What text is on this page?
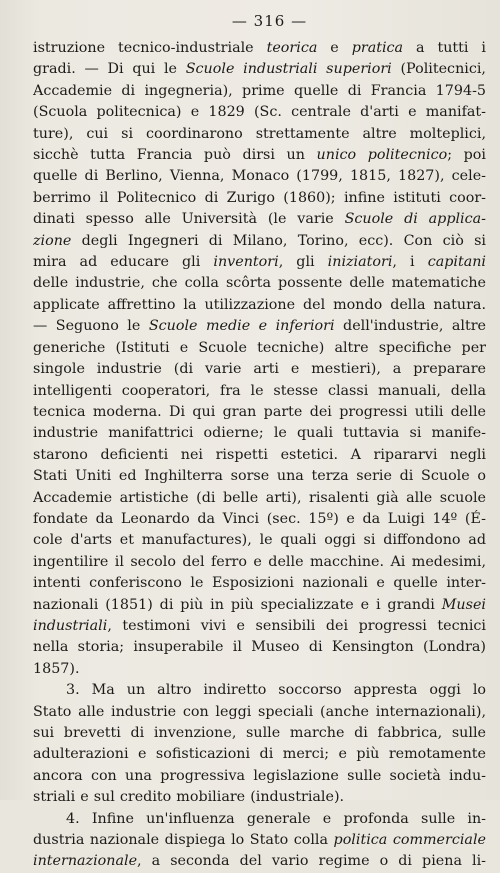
— 316 —
istruzione tecnico-industriale teorica e pratica a tutti i
gradi. — Di qui le Scuole industriali superiori (Politecnici,
Accademie di ingegneria), prime quelle di Francia 1794-5
(Scuola politecnica) e 1829 (Sc. centrale d'arti e manifat-
ture), cui si coordinarono strettamente altre molteplici,
sicchè tutta Francia può dirsi un unico politecnico; poi
quelle di Berlino, Vienna, Monaco (1799, 1815, 1827), cele-
berrimo il Politecnico di Zurigo (1860); infine istituti coor-
dinati spesso alle Università (le varie Scuole di applica-
zione degli Ingegneri di Milano, Torino, ecc). Con ciò si
mira ad educare gli inventori, gli iniziatori, i capitani
delle industrie, che colla scôrta possente delle matematiche
applicate affrettino la utilizzazione del mondo della natura.
— Seguono le Scuole medie e inferiori dell'industrie, altre
generiche (Istituti e Scuole tecniche) altre specifiche per
singole industrie (di varie arti e mestieri), a preparare
intelligenti cooperatori, fra le stesse classi manuali, della
tecnica moderna. Di qui gran parte dei progressi utili delle
industrie manifattrici odierne; le quali tuttavia si manife-
starono deficienti nei rispetti estetici. A ripararvi negli
Stati Uniti ed Inghilterra sorse una terza serie di Scuole o
Accademie artistiche (di belle arti), risalenti già alle scuole
fondate da Leonardo da Vinci (sec. 15º) e da Luigi 14º (É-
cole d'arts et manufactures), le quali oggi si diffondono ad
ingentilire il secolo del ferro e delle macchine. Ai medesimi,
intenti conferiscono le Esposizioni nazionali e quelle inter-
nazionali (1851) di più in più specializzate e i grandi Musei
industriali, testimoni vivi e sensibili dei progressi tecnici
nella storia; insuperabile il Museo di Kensington (Londra)
1857).
3. Ma un altro indiretto soccorso appresta oggi lo
Stato alle industrie con leggi speciali (anche internazionali),
sui brevetti di invenzione, sulle marche di fabbrica, sulle
adulterazioni e sofisticazioni di merci; e più remotamente
ancora con una progressiva legislazione sulle società indu-
striali e sul credito mobiliare (industriale).
4. Infine un'influenza generale e profonda sulle in-
dustria nazionale dispiega lo Stato colla politica commerciale
internazionale, a seconda del vario regime o di piena li-
